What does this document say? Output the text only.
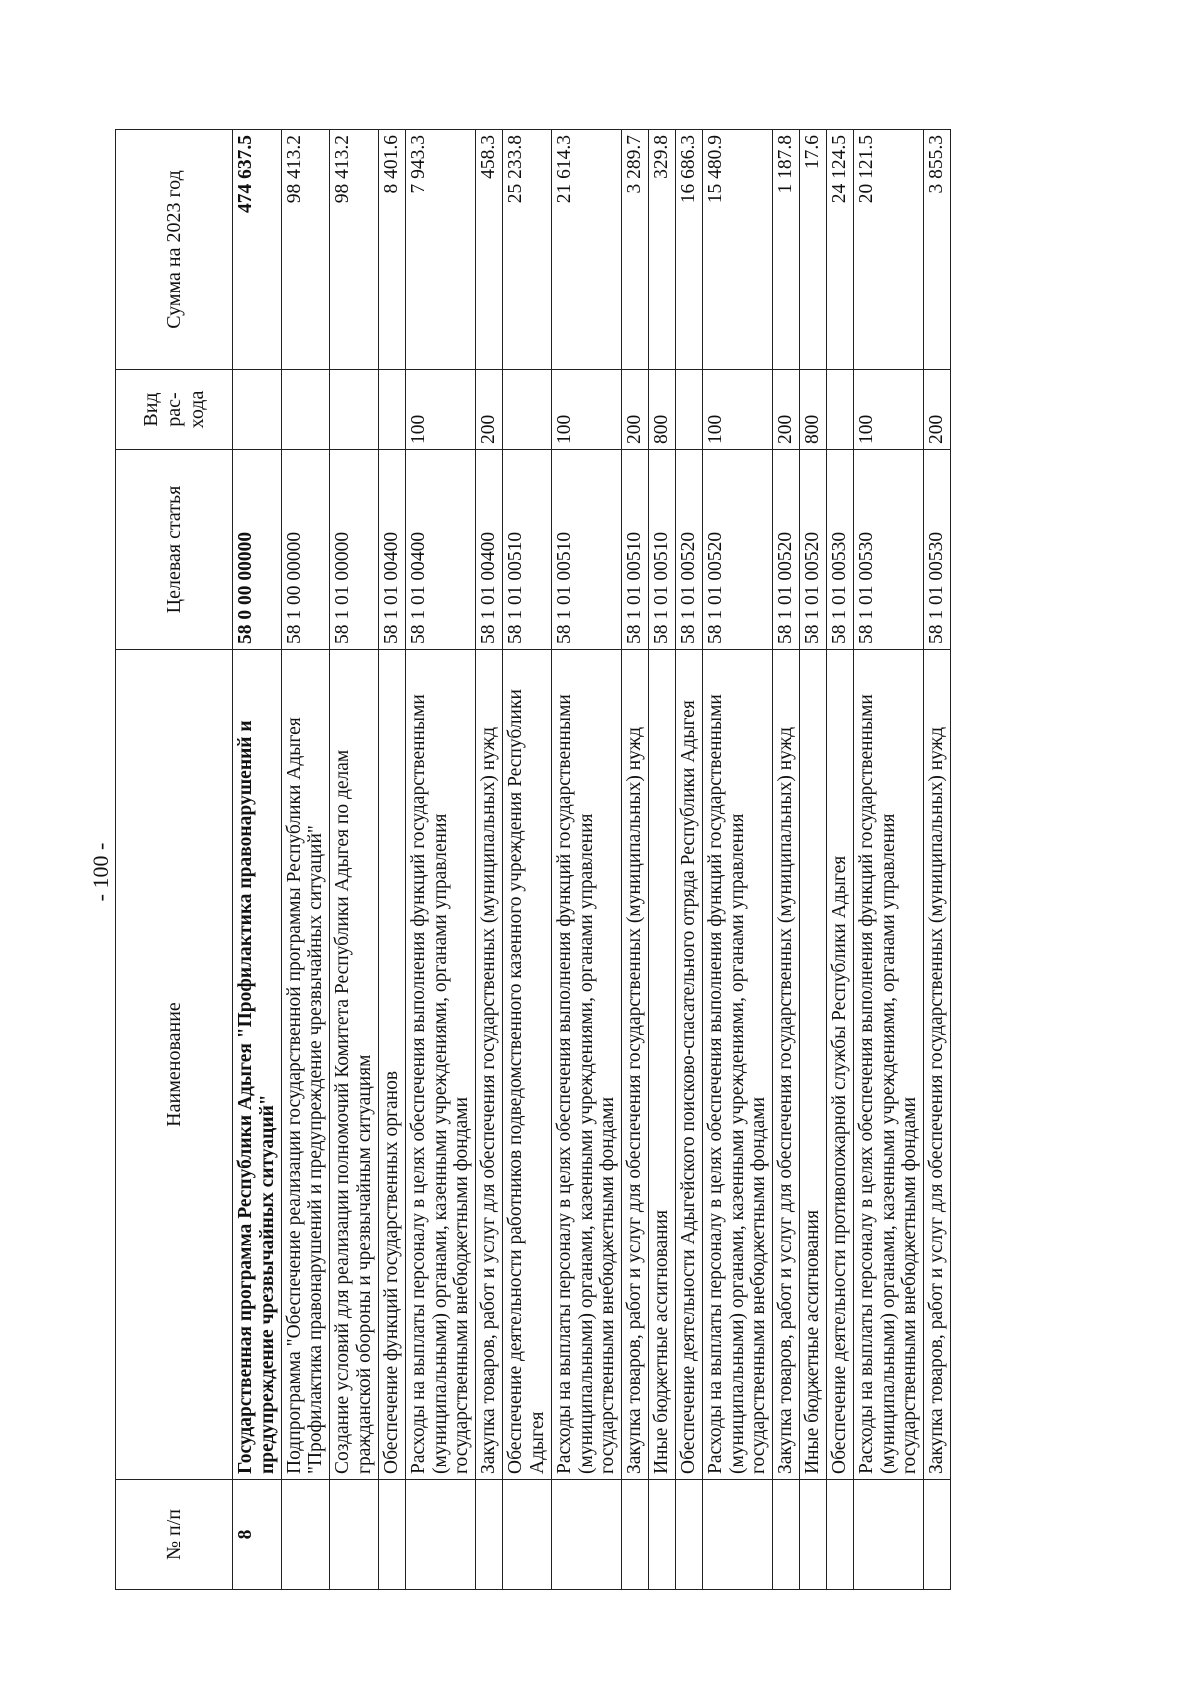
- 100 -
№ п/п	Наименование	Целевая статья	Вид рас-хода	Сумма на 2023 год
8	Государственная программа Республики Адыгея "Профилактика правонарушений и предупреждение чрезвычайных ситуаций"	58 0 00 00000		474 637.5
	Подпрограмма "Обеспечение реализации государственной программы Республики Адыгея "Профилактика правонарушений и предупреждение чрезвычайных ситуаций"	58 1 00 00000		98 413.2
	Создание условий для реализации полномочий Комитета Республики Адыгея по делам гражданской обороны и чрезвычайным ситуациям	58 1 01 00000		98 413.2
	Обеспечение функций государственных органов	58 1 01 00400		8 401.6
	Расходы на выплаты персоналу в целях обеспечения выполнения функций государственными (муниципальными) органами, казенными учреждениями, органами управления государственными внебюджетными фондами	58 1 01 00400	100	7 943.3
	Закупка товаров, работ и услуг для обеспечения государственных (муниципальных) нужд	58 1 01 00400	200	458.3
	Обеспечение деятельности работников подведомственного казенного учреждения Республики Адыгея	58 1 01 00510		25 233.8
	Расходы на выплаты персоналу в целях обеспечения выполнения функций государственными (муниципальными) органами, казенными учреждениями, органами управления государственными внебюджетными фондами	58 1 01 00510	100	21 614.3
	Закупка товаров, работ и услуг для обеспечения государственных (муниципальных) нужд	58 1 01 00510	200	3 289.7
	Иные бюджетные ассигнования	58 1 01 00510	800	329.8
	Обеспечение деятельности Адыгейского поисково-спасательного отряда Республики Адыгея	58 1 01 00520		16 686.3
	Расходы на выплаты персоналу в целях обеспечения выполнения функций государственными (муниципальными) органами, казенными учреждениями, органами управления государственными внебюджетными фондами	58 1 01 00520	100	15 480.9
	Закупка товаров, работ и услуг для обеспечения государственных (муниципальных) нужд	58 1 01 00520	200	1 187.8
	Иные бюджетные ассигнования	58 1 01 00520	800	17.6
	Обеспечение деятельности противопожарной службы Республики Адыгея	58 1 01 00530		24 124.5
	Расходы на выплаты персоналу в целях обеспечения выполнения функций государственными (муниципальными) органами, казенными учреждениями, органами управления государственными внебюджетными фондами	58 1 01 00530	100	20 121.5
	Закупка товаров, работ и услуг для обеспечения государственных (муниципальных) нужд	58 1 01 00530	200	3 855.3
